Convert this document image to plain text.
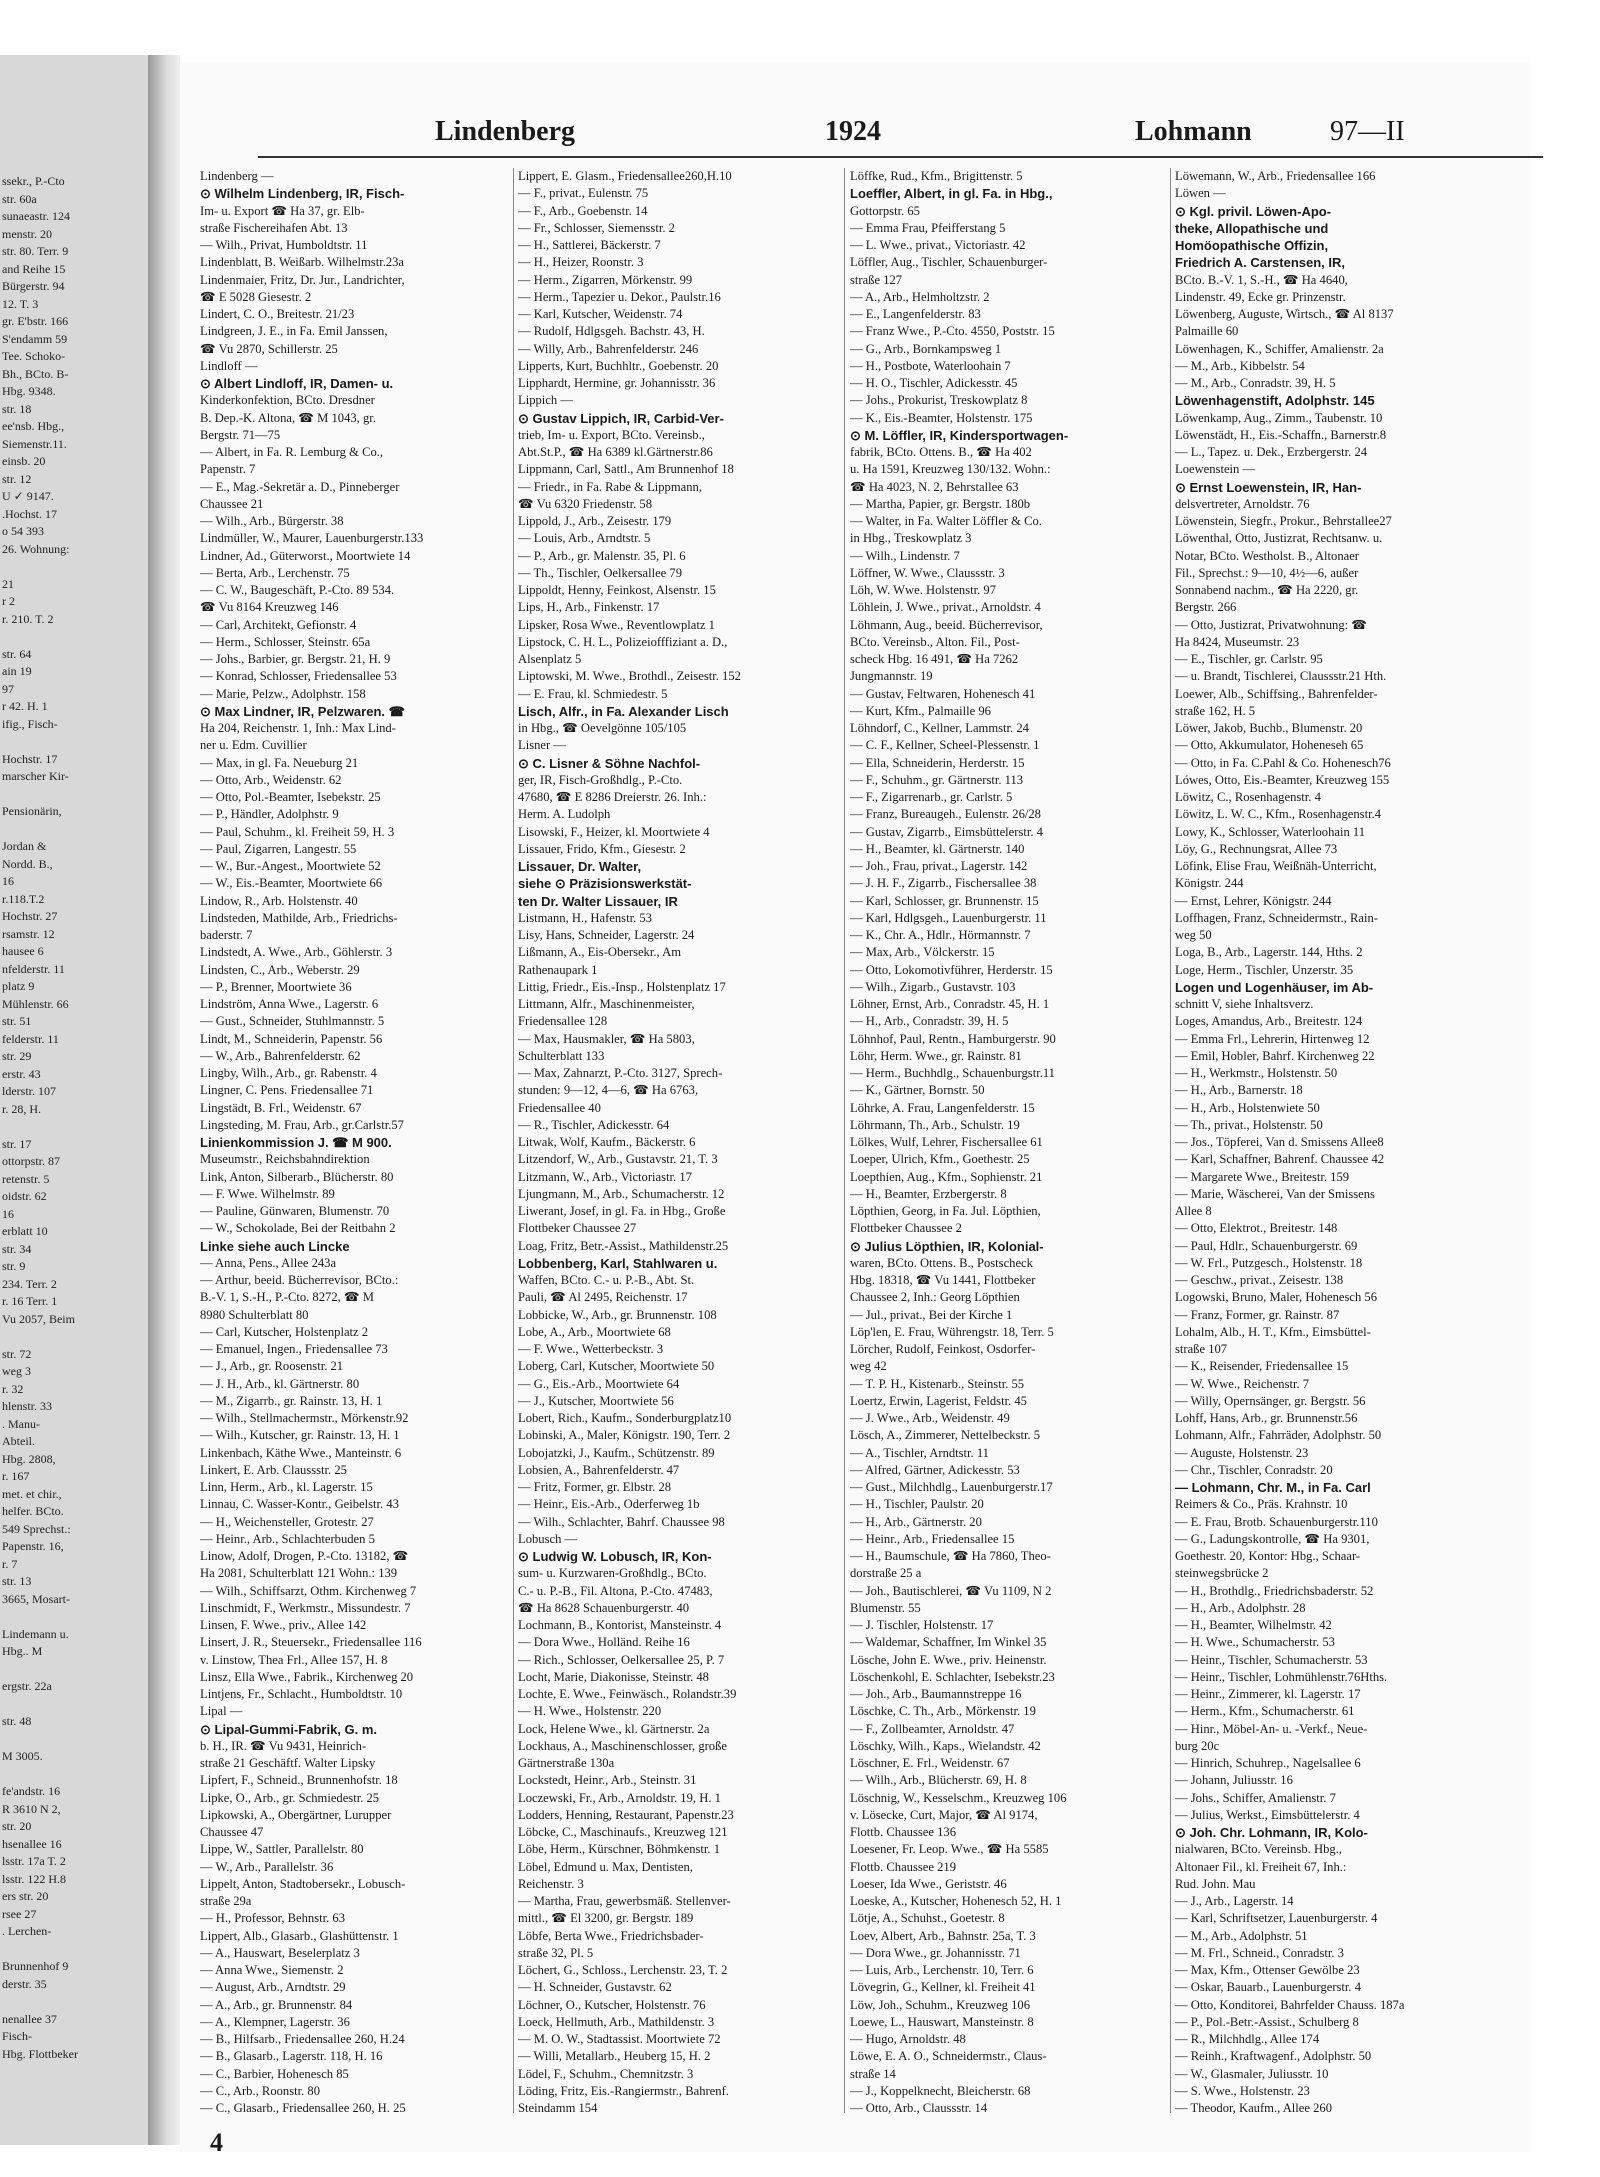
ssekr., P.-Cto
str. 60a
sunaeastr. 124
menstr. 20
str. 80. Terr. 9
and Reihe 15
Bürgerstr. 94
12. T. 3
gr. E'bstr. 166
S'endamm 59
Tee. Schoko-
Bh., BCto. B-
Hbg. 9348.
str. 18
ee'nsb. Hbg.,
Siemenstr.11.
einsb. 20
str. 12
U ✓ 9147.
.Hochst. 17
o 54 393
26. Wohnung:

21
r 2
r. 210. T. 2

str. 64
ain 19
97
r 42. H. 1
ifig., Fisch-

Hochstr. 17
marscher Kir-

Pensionärin,

Jordan &
Nordd. B.,
16
r.118.T.2
Hochstr. 27
rsamstr. 12
hausee 6
nfelderstr. 11
platz 9
Mühlenstr. 66
str. 51
felderstr. 11
str. 29
erstr. 43
lderstr. 107
r. 28, H.

str. 17
ottorpstr. 87
retenstr. 5
oidstr. 62
16
erblatt 10
str. 34
str. 9
234. Terr. 2
r. 16 Terr. 1
Vu 2057, Beim

str. 72
weg 3
r. 32
hlenstr. 33
. Manu-
Abteil.
Hbg. 2808,
r. 167
met. et chir.,
helfer. BCto.
549 Sprechst.:
Papenstr. 16,
r. 7
str. 13
3665, Mosart-

Lindemann u.
Hbg.. M

ergstr. 22a

str. 48

M 3005.

fe'andstr. 16
R 3610 N 2,
str. 20
hsenallee 16
lsstr. 17a T. 2
lsstr. 122 H.8
ers str. 20
rsee 27
. Lerchen-

Brunnenhof 9
derstr. 35

nenallee 37
Fisch-
Hbg. Flottbeker
Lindenberg	1924	Lohmann	97—II
Lindenberg —
⊙ Wilhelm Lindenberg, IR, Fisch-
Im- u. Export ☎ Ha 37, gr. Elb-
straße Fischereihafen Abt. 13
— Wilh., Privat, Humboldtstr. 11
Lindenblatt, B. Weißarb. Wilhelmstr.23a
Lindenmaier, Fritz, Dr. Jur., Landrichter,
☎ E 5028 Giesestr. 2
Lindert, C. O., Breitestr. 21/23
Lindgreen, J. E., in Fa. Emil Janssen,
☎ Vu 2870, Schillerstr. 25
Lindloff —
⊙ Albert Lindloff, IR, Damen- u.
Kinderkonfektion, BCto. Dresdner
B. Dep.-K. Altona, ☎ M 1043, gr.
Bergstr. 71—75
— Albert, in Fa. R. Lemburg & Co.,
Papenstr. 7
— E., Mag.-Sekretär a. D., Pinneberger
Chaussee 21
— Wilh., Arb., Bürgerstr. 38
Lindmüller, W., Maurer, Lauenburgerstr.133
Lindner, Ad., Güterworst., Moortwiete 14
— Berta, Arb., Lerchenstr. 75
— C. W., Baugeschäft, P.-Cto. 89 534.
☎ Vu 8164 Kreuzweg 146
— Carl, Architekt, Gefionstr. 4
— Herm., Schlosser, Steinstr. 65a
— Johs., Barbier, gr. Bergstr. 21, H. 9
— Konrad, Schlosser, Friedensallee 53
— Marie, Pelzw., Adolphstr. 158
⊙ Max Lindner, IR, Pelzwaren. ☎
Ha 204, Reichenstr. 1, Inh.: Max Lind-
ner u. Edm. Cuvillier
— Max, in gl. Fa. Neueburg 21
— Otto, Arb., Weidenstr. 62
— Otto, Pol.-Beamter, Isebekstr. 25
— P., Händler, Adolphstr. 9
— Paul, Schuhm., kl. Freiheit 59, H. 3
— Paul, Zigarren, Langestr. 55
— W., Bur.-Angest., Moortwiete 52
— W., Eis.-Beamter, Moortwiete 66
Lindow, R., Arb. Holstenstr. 40
Lindsteden, Mathilde, Arb., Friedrichs-
baderstr. 7
Lindstedt, A. Wwe., Arb., Göhlerstr. 3
Lindsten, C., Arb., Weberstr. 29
— P., Brenner, Moortwiete 36
Lindström, Anna Wwe., Lagerstr. 6
— Gust., Schneider, Stuhlmannstr. 5
Lindt, M., Schneiderin, Papenstr. 56
— W., Arb., Bahrenfelderstr. 62
Lingby, Wilh., Arb., gr. Rabenstr. 4
Lingner, C. Pens. Friedensallee 71
Lingstädt, B. Frl., Weidenstr. 67
Lingsteding, M. Frau, Arb., gr.Carlstr.57
Linienkommission J. ☎ M 900.
Museumstr., Reichsbahndirektion
Link, Anton, Silberarb., Blücherstr. 80
— F. Wwe. Wilhelmstr. 89
— Pauline, Günwaren, Blumenstr. 70
— W., Schokolade, Bei der Reitbahn 2
Linke siehe auch Lincke
— Anna, Pens., Allee 243a
— Arthur, beeid. Bücherrevisor, BCto.:
B.-V. 1, S.-H., P.-Cto. 8272, ☎ M
8980 Schulterblatt 80
— Carl, Kutscher, Holstenplatz 2
— Emanuel, Ingen., Friedensallee 73
— J., Arb., gr. Roosenstr. 21
— J. H., Arb., kl. Gärtnerstr. 80
— M., Zigarrb., gr. Rainstr. 13, H. 1
— Wilh., Stellmachermstr., Mörkenstr.92
— Wilh., Kutscher, gr. Rainstr. 13, H. 1
Linkenbach, Käthe Wwe., Manteinstr. 6
Linkert, E. Arb. Claussstr. 25
Linn, Herm., Arb., kl. Lagerstr. 15
Linnau, C. Wasser-Kontr., Geibelstr. 43
— H., Weichensteller, Grotestr. 27
— Heinr., Arb., Schlachterbuden 5
Linow, Adolf, Drogen, P.-Cto. 13182, ☎
Ha 2081, Schulterblatt 121 Wohn.: 139
— Wilh., Schiffsarzt, Othm. Kirchenweg 7
Linschmidt, F., Werkmstr., Missundestr. 7
Linsen, F. Wwe., priv., Allee 142
Linsert, J. R., Steuersekr., Friedensallee 116
v. Linstow, Thea Frl., Allee 157, H. 8
Linsz, Ella Wwe., Fabrik., Kirchenweg 20
Lintjens, Fr., Schlacht., Humboldtstr. 10
Lipal —
⊙ Lipal-Gummi-Fabrik, G. m.
b. H., IR. ☎ Vu 9431, Heinrich-
straße 21 Geschäftf. Walter Lipsky
Lipfert, F., Schneid., Brunnenhofstr. 18
Lipke, O., Arb., gr. Schmiedestr. 25
Lipkowski, A., Obergärtner, Lurupper
Chaussee 47
Lippe, W., Sattler, Parallelstr. 80
— W., Arb., Parallelstr. 36
Lippelt, Anton, Stadtobersekr., Lobusch-
straße 29a
— H., Professor, Behnstr. 63
Lippert, Alb., Glasarb., Glashüttenstr. 1
— A., Hauswart, Beselerplatz 3
— Anna Wwe., Siemenstr. 2
— August, Arb., Arndtstr. 29
— A., Arb., gr. Brunnenstr. 84
— A., Klempner, Lagerstr. 36
— B., Hilfsarb., Friedensallee 260, H.24
— B., Glasarb., Lagerstr. 118, H. 16
— C., Barbier, Hohenesch 85
— C., Arb., Roonstr. 80
— C., Glasarb., Friedensallee 260, H. 25
Lippert, E. Glasm., Friedensallee260,H.10
— F., privat., Eulenstr. 75
— F., Arb., Goebenstr. 14
— Fr., Schlosser, Siemensstr. 2
— H., Sattlerei, Bäckerstr. 7
— H., Heizer, Roonstr. 3
— Herm., Zigarren, Mörkenstr. 99
— Herm., Tapezier u. Dekor., Paulstr.16
— Karl, Kutscher, Weidenstr. 74
— Rudolf, Hdlgsgeh. Bachstr. 43, H.
— Willy, Arb., Bahrenfelderstr. 246
Lipperts, Kurt, Buchhltr., Goebenstr. 20
Lipphardt, Hermine, gr. Johannisstr. 36
Lippich —
⊙ Gustav Lippich, IR, Carbid-Ver-
trieb, Im- u. Export, BCto. Vereinsb.,
Abt.St.P., ☎ Ha 6389 kl.Gärtnerstr.86
Lippmann, Carl, Sattl., Am Brunnenhof 18
— Friedr., in Fa. Rabe & Lippmann,
☎ Vu 6320 Friedenstr. 58
Lippold, J., Arb., Zeisestr. 179
— Louis, Arb., Arndtstr. 5
— P., Arb., gr. Malenstr. 35, Pl. 6
— Th., Tischler, Oelkersallee 79
Lippoldt, Henny, Feinkost, Alsenstr. 15
Lips, H., Arb., Finkenstr. 17
Lipsker, Rosa Wwe., Reventlowplatz 1
Lipstock, C. H. L., Polizeiofffiziant a. D.,
Alsenplatz 5
Liptowski, M. Wwe., Brothdl., Zeisestr. 152
— E. Frau, kl. Schmiedestr. 5
Lisch, Alfr., in Fa. Alexander Lisch
in Hbg., ☎ Oevelgönne 105/105
Lisner —
⊙ C. Lisner & Söhne Nachfol-
ger, IR, Fisch-Großhdlg., P.-Cto.
47680, ☎ E 8286 Dreierstr. 26. Inh.:
Herm. A. Ludolph
Lisowski, F., Heizer, kl. Moortwiete 4
Lissauer, Frido, Kfm., Giesestr. 2
Lissauer, Dr. Walter,
siehe ⊙ Präzisionswerkstät-
ten Dr. Walter Lissauer, IR
Listmann, H., Hafenstr. 53
Lisy, Hans, Schneider, Lagerstr. 24
Lißmann, A., Eis-Obersekr., Am
Rathenaupark 1
Littig, Friedr., Eis.-Insp., Holstenplatz 17
Littmann, Alfr., Maschinenmeister,
Friedensallee 128
— Max, Hausmakler, ☎ Ha 5803,
Schulterblatt 133
— Max, Zahnarzt, P.-Cto. 3127, Sprech-
stunden: 9—12, 4—6, ☎ Ha 6763,
Friedensallee 40
— R., Tischler, Adickesstr. 64
Litwak, Wolf, Kaufm., Bäckerstr. 6
Litzendorf, W., Arb., Gustavstr. 21, T. 3
Litzmann, W., Arb., Victoriastr. 17
Ljungmann, M., Arb., Schumacherstr. 12
Liwerant, Josef, in gl. Fa. in Hbg., Große
Flottbeker Chaussee 27
Loag, Fritz, Betr.-Assist., Mathildenstr.25
Lobbenberg, Karl, Stahlwaren u.
Waffen, BCto. C.- u. P.-B., Abt. St.
Pauli, ☎ Al 2495, Reichenstr. 17
Lobbicke, W., Arb., gr. Brunnenstr. 108
Lobe, A., Arb., Moortwiete 68
— F. Wwe., Wetterbeckstr. 3
Loberg, Carl, Kutscher, Moortwiete 50
— G., Eis.-Arb., Moortwiete 64
— J., Kutscher, Moortwiete 56
Lobert, Rich., Kaufm., Sonderburgplatz10
Lobinski, A., Maler, Königstr. 190, Terr. 2
Lobojatzki, J., Kaufm., Schützenstr. 89
Lobsien, A., Bahrenfelderstr. 47
— Fritz, Former, gr. Elbstr. 28
— Heinr., Eis.-Arb., Oderferweg 1b
— Wilh., Schlachter, Bahrf. Chaussee 98
Lobusch —
⊙ Ludwig W. Lobusch, IR, Kon-
sum- u. Kurzwaren-Großhdlg., BCto.
C.- u. P.-B., Fil. Altona, P.-Cto. 47483,
☎ Ha 8628 Schauenburgerstr. 40
Lochmann, B., Kontorist, Mansteinstr. 4
— Dora Wwe., Holländ. Reihe 16
— Rich., Schlosser, Oelkersallee 25, P. 7
Locht, Marie, Diakonisse, Steinstr. 48
Lochte, E. Wwe., Feinwäsch., Rolandstr.39
— H. Wwe., Holstenstr. 220
Lock, Helene Wwe., kl. Gärtnerstr. 2a
Lockhaus, A., Maschinenschlosser, große
Gärtnerstraße 130a
Lockstedt, Heinr., Arb., Steinstr. 31
Loczewski, Fr., Arb., Arnoldstr. 19, H. 1
Lodders, Henning, Restaurant, Papenstr.23
Löbcke, C., Maschinaufs., Kreuzweg 121
Löbe, Herm., Kürschner, Böhmkenstr. 1
Löbel, Edmund u. Max, Dentisten,
Reichenstr. 3
— Martha, Frau, gewerbsmäß. Stellenver-
mittl., ☎ El 3200, gr. Bergstr. 189
Löbfe, Berta Wwe., Friedrichsbader-
straße 32, Pl. 5
Löchert, G., Schloss., Lerchenstr. 23, T. 2
— H. Schneider, Gustavstr. 62
Löchner, O., Kutscher, Holstenstr. 76
Loeck, Hellmuth, Arb., Mathildenstr. 3
— M. O. W., Stadtassist. Moortwiete 72
— Willi, Metallarb., Heuberg 15, H. 2
Lödel, F., Schuhm., Chemnitzstr. 3
Löding, Fritz, Eis.-Rangiermstr., Bahrenf.
Steindamm 154
Löffke, Rud., Kfm., Brigittenstr. 5
Loeffler, Albert, in gl. Fa. in Hbg.,
Gottorpstr. 65
— Emma Frau, Pfeifferstang 5
— L. Wwe., privat., Victoriastr. 42
Löffler, Aug., Tischler, Schauenburger-
straße 127
— A., Arb., Helmholtzstr. 2
— E., Langenfelderstr. 83
— Franz Wwe., P.-Cto. 4550, Poststr. 15
— G., Arb., Bornkampsweg 1
— H., Postbote, Waterloohain 7
— H. O., Tischler, Adickesstr. 45
— Johs., Prokurist, Treskowplatz 8
— K., Eis.-Beamter, Holstenstr. 175
⊙ M. Löffler, IR, Kindersportwagen-
fabrik, BCto. Ottens. B., ☎ Ha 402
u. Ha 1591, Kreuzweg 130/132. Wohn.:
☎ Ha 4023, N. 2, Behrstallee 63
— Martha, Papier, gr. Bergstr. 180b
— Walter, in Fa. Walter Löffler & Co.
in Hbg., Treskowplatz 3
— Wilh., Lindenstr. 7
Löffner, W. Wwe., Claussstr. 3
Löh, W. Wwe. Holstenstr. 97
Löhlein, J. Wwe., privat., Arnoldstr. 4
Löhmann, Aug., beeid. Bücherrevisor,
BCto. Vereinsb., Alton. Fil., Post-
scheck Hbg. 16 491, ☎ Ha 7262
Jungmannstr. 19
— Gustav, Feltwaren, Hohenesch 41
— Kurt, Kfm., Palmaille 96
Löhndorf, C., Kellner, Lammstr. 24
— C. F., Kellner, Scheel-Plessenstr. 1
— Ella, Schneiderin, Herderstr. 15
— F., Schuhm., gr. Gärtnerstr. 113
— F., Zigarrenarb., gr. Carlstr. 5
— Franz, Bureaugeh., Eulenstr. 26/28
— Gustav, Zigarrb., Eimsbüttelerstr. 4
— H., Beamter, kl. Gärtnerstr. 140
— Joh., Frau, privat., Lagerstr. 142
— J. H. F., Zigarrb., Fischersallee 38
— Karl, Schlosser, gr. Brunnenstr. 15
— Karl, Hdlgsgeh., Lauenburgerstr. 11
— K., Chr. A., Hdlr., Hörmannstr. 7
— Max, Arb., Völckerstr. 15
— Otto, Lokomotivführer, Herderstr. 15
— Wilh., Zigarb., Gustavstr. 103
Löhner, Ernst, Arb., Conradstr. 45, H. 1
— H., Arb., Conradstr. 39, H. 5
Löhnhof, Paul, Rentn., Hamburgerstr. 90
Löhr, Herm. Wwe., gr. Rainstr. 81
— Herm., Buchhdlg., Schauenburgstr.11
— K., Gärtner, Bornstr. 50
Löhrke, A. Frau, Langenfelderstr. 15
Löhrmann, Th., Arb., Schulstr. 19
Lölkes, Wulf, Lehrer, Fischersallee 61
Loeper, Ulrich, Kfm., Goethestr. 25
Loepthien, Aug., Kfm., Sophienstr. 21
— H., Beamter, Erzbergerstr. 8
Löpthien, Georg, in Fa. Jul. Löpthien,
Flottbeker Chaussee 2
⊙ Julius Löpthien, IR, Kolonial-
waren, BCto. Ottens. B., Postscheck
Hbg. 18318, ☎ Vu 1441, Flottbeker
Chaussee 2, Inh.: Georg Löpthien
— Jul., privat., Bei der Kirche 1
Löp'len, E. Frau, Wührengstr. 18, Terr. 5
Lörcher, Rudolf, Feinkost, Osdorfer-
weg 42
— T. P. H., Kistenarb., Steinstr. 55
Loertz, Erwin, Lagerist, Feldstr. 45
— J. Wwe., Arb., Weidenstr. 49
Lösch, A., Zimmerer, Nettelbeckstr. 5
— A., Tischler, Arndtstr. 11
— Alfred, Gärtner, Adickesstr. 53
— Gust., Milchhdlg., Lauenburgerstr.17
— H., Tischler, Paulstr. 20
— H., Arb., Gärtnerstr. 20
— Heinr., Arb., Friedensallee 15
— H., Baumschule, ☎ Ha 7860, Theo-
dorstraße 25 a
— Joh., Bautischlerei, ☎ Vu 1109, N 2
Blumenstr. 55
— J. Tischler, Holstenstr. 17
— Waldemar, Schaffner, Im Winkel 35
Lösche, John E. Wwe., priv. Heinenstr.
Löschenkohl, E. Schlachter, Isebekstr.23
— Joh., Arb., Baumannstreppe 16
Löschke, C. Th., Arb., Mörkenstr. 19
— F., Zollbeamter, Arnoldstr. 47
Löschky, Wilh., Kaps., Wielandstr. 42
Löschner, E. Frl., Weidenstr. 67
— Wilh., Arb., Blücherstr. 69, H. 8
Löschnig, W., Kesselschm., Kreuzweg 106
v. Lösecke, Curt, Major, ☎ Al 9174,
Flottb. Chaussee 136
Loesener, Fr. Leop. Wwe., ☎ Ha 5585
Flottb. Chaussee 219
Loeser, Ida Wwe., Geriststr. 46
Loeske, A., Kutscher, Hohenesch 52, H. 1
Lötje, A., Schuhst., Goetestr. 8
Loev, Albert, Arb., Bahnstr. 25a, T. 3
— Dora Wwe., gr. Johannisstr. 71
— Luis, Arb., Lerchenstr. 10, Terr. 6
Lövegrin, G., Kellner, kl. Freiheit 41
Löw, Joh., Schuhm., Kreuzweg 106
Loewe, L., Hauswart, Mansteinstr. 8
— Hugo, Arnoldstr. 48
Löwe, E. A. O., Schneidermstr., Claus-
straße 14
— J., Koppelknecht, Bleicherstr. 68
— Otto, Arb., Claussstr. 14
Löwemann, W., Arb., Friedensallee 166
Löwen —
⊙ Kgl. privil. Löwen-Apo-
theke, Allopathische und
Homöopathische Offizin,
Friedrich A. Carstensen, IR,
BCto. B.-V. 1, S.-H., ☎ Ha 4640,
Lindenstr. 49, Ecke gr. Prinzenstr.
Löwenberg, Auguste, Wirtsch., ☎ Al 8137
Palmaille 60
Löwenhagen, K., Schiffer, Amalienstr. 2a
— M., Arb., Kibbelstr. 54
— M., Arb., Conradstr. 39, H. 5
Löwenhagenstift, Adolphstr. 145
Löwenkamp, Aug., Zimm., Taubenstr. 10
Löwenstädt, H., Eis.-Schaffn., Barnerstr.8
— L., Tapez. u. Dek., Erzbergerstr. 24
Loewenstein —
⊙ Ernst Loewenstein, IR, Han-
delsvertreter, Arnoldstr. 76
Löwenstein, Siegfr., Prokur., Behrstallee27
Löwenthal, Otto, Justizrat, Rechtsanw. u.
Notar, BCto. Westholst. B., Altonaer
Fil., Sprechst.: 9—10, 4½—6, außer
Sonnabend nachm., ☎ Ha 2220, gr.
Bergstr. 266
— Otto, Justizrat, Privatwohnung: ☎
Ha 8424, Museumstr. 23
— E., Tischler, gr. Carlstr. 95
— u. Brandt, Tischlerei, Claussstr.21 Hth.
Loewer, Alb., Schiffsing., Bahrenfelder-
straße 162, H. 5
Löwer, Jakob, Buchb., Blumenstr. 20
— Otto, Akkumulator, Hoheneseh 65
— Otto, in Fa. C.Pahl & Co. Hohenesch76
Lówes, Otto, Eis.-Beamter, Kreuzweg 155
Löwitz, C., Rosenhagenstr. 4
Löwitz, L. W. C., Kfm., Rosenhagenstr.4
Lowy, K., Schlosser, Waterloohain 11
Löy, G., Rechnungsrat, Allee 73
Löfink, Elise Frau, Weißnäh-Unterricht,
Königstr. 244
— Ernst, Lehrer, Königstr. 244
Loffhagen, Franz, Schneidermstr., Rain-
weg 50
Loga, B., Arb., Lagerstr. 144, Hths. 2
Loge, Herm., Tischler, Unzerstr. 35
Logen und Logenhäuser, im Ab-
schnitt V, siehe Inhaltsverz.
Loges, Amandus, Arb., Breitestr. 124
— Emma Frl., Lehrerin, Hirtenweg 12
— Emil, Hobler, Bahrf. Kirchenweg 22
— H., Werkmstr., Holstenstr. 50
— H., Arb., Barnerstr. 18
— H., Arb., Holstenwiete 50
— Th., privat., Holstenstr. 50
— Jos., Töpferei, Van d. Smissens Allee8
— Karl, Schaffner, Bahrenf. Chaussee 42
— Margarete Wwe., Breitestr. 159
— Marie, Wäscherei, Van der Smissens
Allee 8
— Otto, Elektrot., Breitestr. 148
— Paul, Hdlr., Schauenburgerstr. 69
— W. Frl., Putzgesch., Holstenstr. 18
— Geschw., privat., Zeisestr. 138
Logowski, Bruno, Maler, Hohenesch 56
— Franz, Former, gr. Rainstr. 87
Lohalm, Alb., H. T., Kfm., Eimsbüttel-
straße 107
— K., Reisender, Friedensallee 15
— W. Wwe., Reichenstr. 7
— Willy, Opernsänger, gr. Bergstr. 56
Lohff, Hans, Arb., gr. Brunnenstr.56
Lohmann, Alfr., Fahrräder, Adolphstr. 50
— Auguste, Holstenstr. 23
— Chr., Tischler, Conradstr. 20
— Lohmann, Chr. M., in Fa. Carl
Reimers & Co., Präs. Krahnstr. 10
— E. Frau, Brotb. Schauenburgerstr.110
— G., Ladungskontrolle, ☎ Ha 9301,
Goethestr. 20, Kontor: Hbg., Schaar-
steinwegsbrücke 2
— H., Brothdlg., Friedrichsbaderstr. 52
— H., Arb., Adolphstr. 28
— H., Beamter, Wilhelmstr. 42
— H. Wwe., Schumacherstr. 53
— Heinr., Tischler, Schumacherstr. 53
— Heinr., Tischler, Lohmühlenstr.76Hths.
— Heinr., Zimmerer, kl. Lagerstr. 17
— Herm., Kfm., Schumacherstr. 61
— Hinr., Möbel-An- u. -Verkf., Neue-
burg 20c
— Hinrich, Schuhrep., Nagelsallee 6
— Johann, Juliusstr. 16
— Johs., Schiffer, Amalienstr. 7
— Julius, Werkst., Eimsbüttelerstr. 4
⊙ Joh. Chr. Lohmann, IR, Kolo-
nialwaren, BCto. Vereinsb. Hbg.,
Altonaer Fil., kl. Freiheit 67, Inh.:
Rud. John. Mau
— J., Arb., Lagerstr. 14
— Karl, Schriftsetzer, Lauenburgerstr. 4
— M., Arb., Adolphstr. 51
— M. Frl., Schneid., Conradstr. 3
— Max, Kfm., Ottenser Gewölbe 23
— Oskar, Bauarb., Lauenburgerstr. 4
— Otto, Konditorei, Bahrfelder Chauss. 187a
— P., Pol.-Betr.-Assist., Schulberg 8
— R., Milchhdlg., Allee 174
— Reinh., Kraftwagenf., Adolphstr. 50
— W., Glasmaler, Juliusstr. 10
— S. Wwe., Holstenstr. 23
— Theodor, Kaufm., Allee 260
4
